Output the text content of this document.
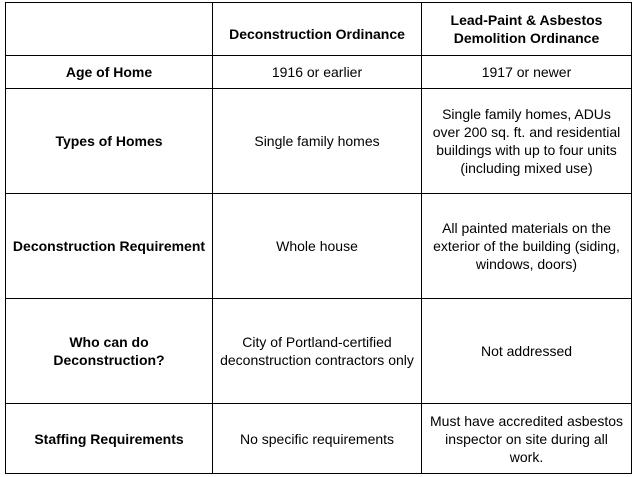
	Deconstruction Ordinance	Lead-Paint & Asbestos Demolition Ordinance
Age of Home	1916 or earlier	1917 or newer
Types of Homes	Single family homes	Single family homes, ADUs over 200 sq. ft. and residential buildings with up to four units (including mixed use)
Deconstruction Requirement	Whole house	All painted materials on the exterior of the building (siding, windows, doors)
Who can do Deconstruction?	City of Portland-certified deconstruction contractors only	Not addressed
Staffing Requirements	No specific requirements	Must have accredited asbestos inspector on site during all work.
